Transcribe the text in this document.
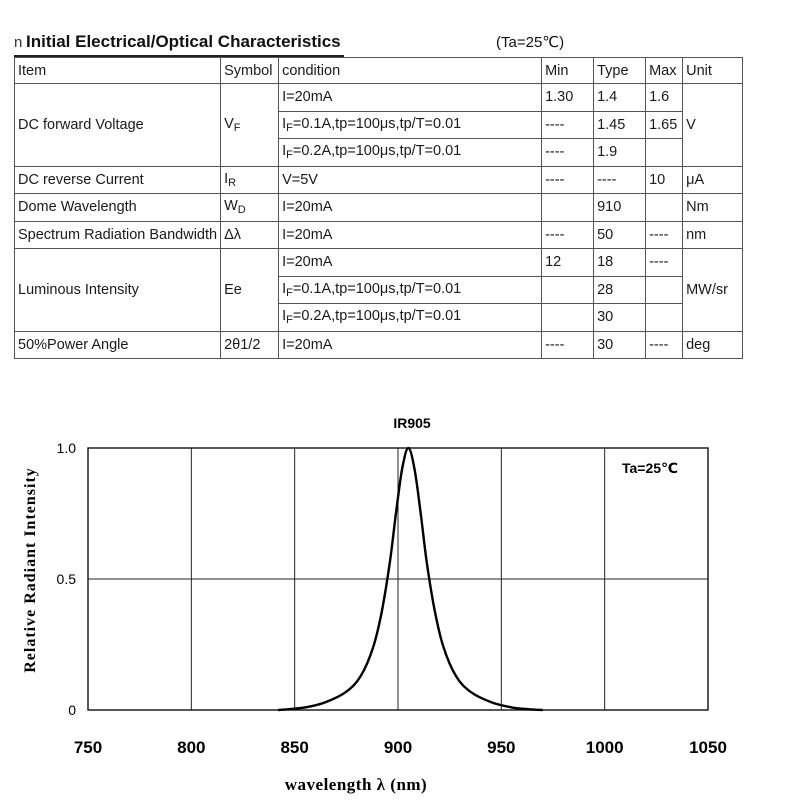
n Initial Electrical/Optical Characteristics	(Ta=25℃)
Item	Symbol	condition	Min	Type	Max	Unit
DC forward Voltage	$V_F$	I=20mA	1.30	1.4	1.6	V
		$I_F=0.1A,tp=100\mu s,tp/T=0.01$	----	1.45	1.65	
		$I_F=0.2A,tp=100\mu s,tp/T=0.01$	----	1.9		
DC reverse Current	$I_R$	V=5V	----	----	10	μA
Dome Wavelength	$W_D$	I=20mA		910		Nm
Spectrum Radiation Bandwidth	Δλ	I=20mA	----	50	----	nm
Luminous Intensity	Ee	I=20mA	12	18	----	MW/sr
		$I_F=0.1A,tp=100\mu s,tp/T=0.01$		28		
		$I_F=0.2A,tp=100\mu s,tp/T=0.01$		30		
50%Power Angle	2θ1/2	I=20mA	----	30	----	deg
750	800	850	900	950	1000	1050
0
0.5
1.0
IR905
Ta=25℃
wavelength λ (nm)
Relative Radiant Intensity
